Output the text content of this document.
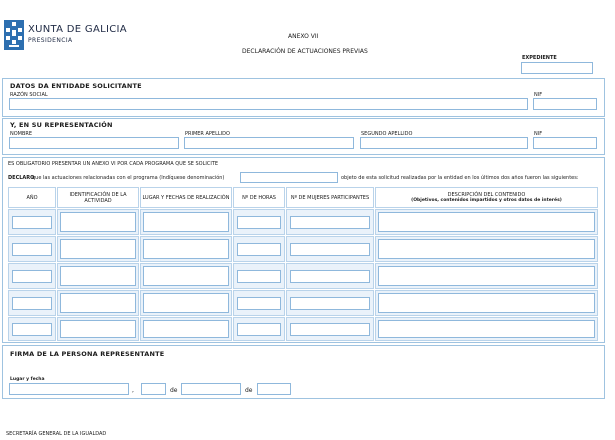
XUNTA DE GALICIA
PRESIDENCIA
ANEXO VII
DECLARACIÓN DE ACTUACIONES PREVIAS
EXPEDIENTE
DATOS DA ENTIDADE SOLICITANTE
RAZÓN SOCIAL	NIF
Y, EN SU REPRESENTACIÓN
NOMBRE	PRIMER APELLIDO	SEGUNDO APELLIDO	NIF
ES OBLIGATORIO PRESENTAR UN ANEXO VI POR CADA PROGRAMA QUE SE SOLICITE
DECLARO
que las actuaciones relacionadas con el programa (Indíquese denominación)	objeto de esta solicitud realizadas por la entidad en los últimos dos años fueron las siguientes:
AÑO	IDENTIFICACIÓN DE LA ACTIVIDAD	LUGAR Y FECHAS DE REALIZACIÓN	Nº DE HORAS	Nº DE MUJERES PARTICIPANTES	DESCRIPCIÓN DEL CONTENIDO
(Objetivos, contenidos impartidos y otros datos de interés)
FIRMA DE LA PERSONA REPRESENTANTE
Lugar y fecha
,	de	de
SECRETARÍA GENERAL DE LA IGUALDAD
